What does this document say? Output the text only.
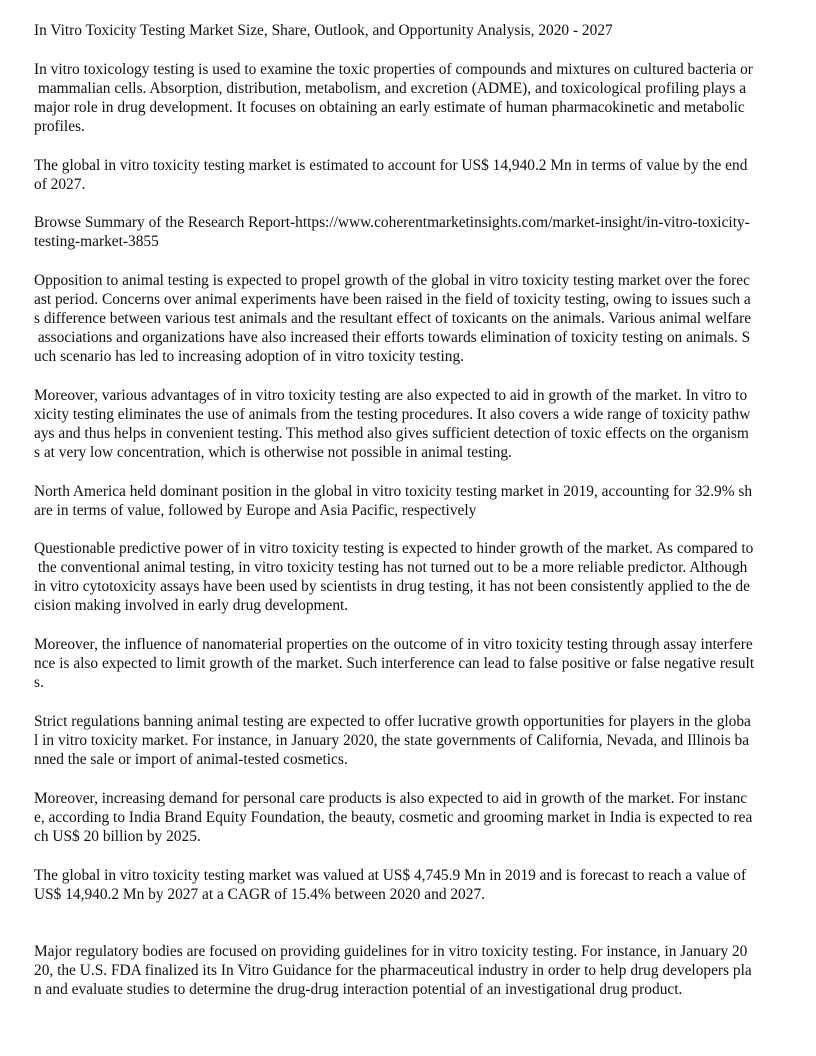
In Vitro Toxicity Testing Market Size, Share, Outlook, and Opportunity Analysis, 2020 - 2027
In vitro toxicology testing is used to examine the toxic properties of compounds and mixtures on cultured bacteria or
mammalian cells. Absorption, distribution, metabolism, and excretion (ADME), and toxicological profiling plays a
major role in drug development. It focuses on obtaining an early estimate of human pharmacokinetic and metabolic
profiles.
The global in vitro toxicity testing market is estimated to account for US$ 14,940.2 Mn in terms of value by the end
of 2027.
Browse Summary of the Research Report-https://www.coherentmarketinsights.com/market-insight/in-vitro-toxicity-
testing-market-3855
Opposition to animal testing is expected to propel growth of the global in vitro toxicity testing market over the forec
ast period. Concerns over animal experiments have been raised in the field of toxicity testing, owing to issues such a
s difference between various test animals and the resultant effect of toxicants on the animals. Various animal welfare
associations and organizations have also increased their efforts towards elimination of toxicity testing on animals. S
uch scenario has led to increasing adoption of in vitro toxicity testing.
Moreover, various advantages of in vitro toxicity testing are also expected to aid in growth of the market. In vitro to
xicity testing eliminates the use of animals from the testing procedures. It also covers a wide range of toxicity pathw
ays and thus helps in convenient testing. This method also gives sufficient detection of toxic effects on the organism
s at very low concentration, which is otherwise not possible in animal testing.
North America held dominant position in the global in vitro toxicity testing market in 2019, accounting for 32.9% sh
are in terms of value, followed by Europe and Asia Pacific, respectively
Questionable predictive power of in vitro toxicity testing is expected to hinder growth of the market. As compared to
the conventional animal testing, in vitro toxicity testing has not turned out to be a more reliable predictor. Although
in vitro cytotoxicity assays have been used by scientists in drug testing, it has not been consistently applied to the de
cision making involved in early drug development.
Moreover, the influence of nanomaterial properties on the outcome of in vitro toxicity testing through assay interfere
nce is also expected to limit growth of the market. Such interference can lead to false positive or false negative result
s.
Strict regulations banning animal testing are expected to offer lucrative growth opportunities for players in the globa
l in vitro toxicity market. For instance, in January 2020, the state governments of California, Nevada, and Illinois ba
nned the sale or import of animal-tested cosmetics.
Moreover, increasing demand for personal care products is also expected to aid in growth of the market. For instanc
e, according to India Brand Equity Foundation, the beauty, cosmetic and grooming market in India is expected to rea
ch US$ 20 billion by 2025.
The global in vitro toxicity testing market was valued at US$ 4,745.9 Mn in 2019 and is forecast to reach a value of
US$ 14,940.2 Mn by 2027 at a CAGR of 15.4% between 2020 and 2027.
Major regulatory bodies are focused on providing guidelines for in vitro toxicity testing. For instance, in January 20
20, the U.S. FDA finalized its In Vitro Guidance for the pharmaceutical industry in order to help drug developers pla
n and evaluate studies to determine the drug-drug interaction potential of an investigational drug product.
